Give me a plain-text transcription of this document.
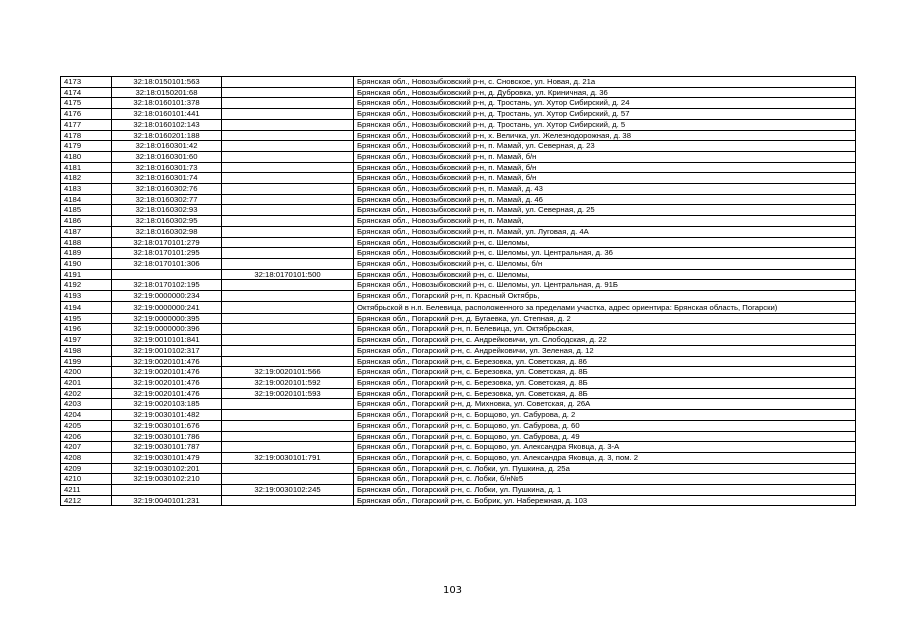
4173	32:18:0150101:563		Брянская обл., Новозыбковский р-н, с. Сновское, ул. Новая, д. 21а
4174	32:18:0150201:68		Брянская обл., Новозыбковский р-н, д. Дубровка, ул. Криничная, д. 36
4175	32:18:0160101:378		Брянская обл., Новозыбковский р-н, д. Тростань, ул. Хутор Сибирский, д. 24
4176	32:18:0160101:441		Брянская обл., Новозыбковский р-н, д. Тростань, ул. Хутор Сибирский, д. 57
4177	32:18:0160102:143		Брянская обл., Новозыбковский р-н, д. Тростань, ул. Хутор Сибирский, д. 5
4178	32:18:0160201:188		Брянская обл., Новозыбковский р-н, х. Величка, ул. Железнодорожная, д. 38
4179	32:18:0160301:42		Брянская обл., Новозыбковский р-н, п. Мамай, ул. Северная, д. 23
4180	32:18:0160301:60		Брянская обл., Новозыбковский р-н, п. Мамай, б/н
4181	32:18:0160301:73		Брянская обл., Новозыбковский р-н, п. Мамай, б/н
4182	32:18:0160301:74		Брянская обл., Новозыбковский р-н, п. Мамай, б/н
4183	32:18:0160302:76		Брянская обл., Новозыбковский р-н, п. Мамай, д. 43
4184	32:18:0160302:77		Брянская обл., Новозыбковский р-н, п. Мамай, д. 46
4185	32:18:0160302:93		Брянская обл., Новозыбковский р-н, п. Мамай, ул. Северная, д. 25
4186	32:18:0160302:95		Брянская обл., Новозыбковский р-н, п. Мамай,
4187	32:18:0160302:98		Брянская обл., Новозыбковский р-н, п. Мамай, ул. Луговая, д. 4А
4188	32:18:0170101:279		Брянская обл., Новозыбковский р-н, с. Шеломы,
4189	32:18:0170101:295		Брянская обл., Новозыбковский р-н, с. Шеломы, ул. Центральная, д. 36
4190	32:18:0170101:306		Брянская обл., Новозыбковский р-н, с. Шеломы, б/н
4191		32:18:0170101:500	Брянская обл., Новозыбковский р-н, с. Шеломы,
4192	32:18:0170102:195		Брянская обл., Новозыбковский р-н, с. Шеломы, ул. Центральная, д. 91Б
4193	32:19:0000000:234		Брянская обл., Погарский р-н, п. Красный Октябрь,
4194	32:19:0000000:241		Октябрьской в н.п. Белевица, расположенного за пределами участка, адрес ориентира: Брянская область, Погарски)
4195	32:19:0000000:395		Брянская обл., Погарский р-н, д. Бугаевка, ул. Степная, д. 2
4196	32:19:0000000:396		Брянская обл., Погарский р-н, п. Белевица, ул. Октябрьская,
4197	32:19:0010101:841		Брянская обл., Погарский р-н, с. Андрейковичи, ул. Слободская, д. 22
4198	32:19:0010102:317		Брянская обл., Погарский р-н, с. Андрейковичи, ул. Зеленая, д. 12
4199	32:19:0020101:476		Брянская обл., Погарский р-н, с. Березовка, ул. Советская, д. 86
4200	32:19:0020101:476	32:19:0020101:566	Брянская обл., Погарский р-н, с. Березовка, ул. Советская, д. 8Б
4201	32:19:0020101:476	32:19:0020101:592	Брянская обл., Погарский р-н, с. Березовка, ул. Советская, д. 8Б
4202	32:19:0020101:476	32:19:0020101:593	Брянская обл., Погарский р-н, с. Березовка, ул. Советская, д. 8Б
4203	32:19:0020103:185		Брянская обл., Погарский р-н, д. Михновка, ул. Советская, д. 26А
4204	32:19:0030101:482		Брянская обл., Погарский р-н, с. Борщово, ул. Сабурова, д. 2
4205	32:19:0030101:676		Брянская обл., Погарский р-н, с. Борщово, ул. Сабурова, д. 60
4206	32:19:0030101:786		Брянская обл., Погарский р-н, с. Борщово, ул. Сабурова, д. 49
4207	32:19:0030101:787		Брянская обл., Погарский р-н, с. Борщово, ул. Александра Яковца, д. 3-А
4208	32:19:0030101:479	32:19:0030101:791	Брянская обл., Погарский р-н, с. Борщово, ул. Александра Яковца, д. 3, пом. 2
4209	32:19:0030102:201		Брянская обл., Погарский р-н, с. Лобки, ул. Пушкина, д. 25а
4210	32:19:0030102:210		Брянская обл., Погарский р-н, с. Лобки, б/н№5
4211		32:19:0030102:245	Брянская обл., Погарский р-н, с. Лобки, ул. Пушкина, д. 1
4212	32:19:0040101:231		Брянская обл., Погарский р-н, с. Бобрик, ул. Набережная, д. 103
103
